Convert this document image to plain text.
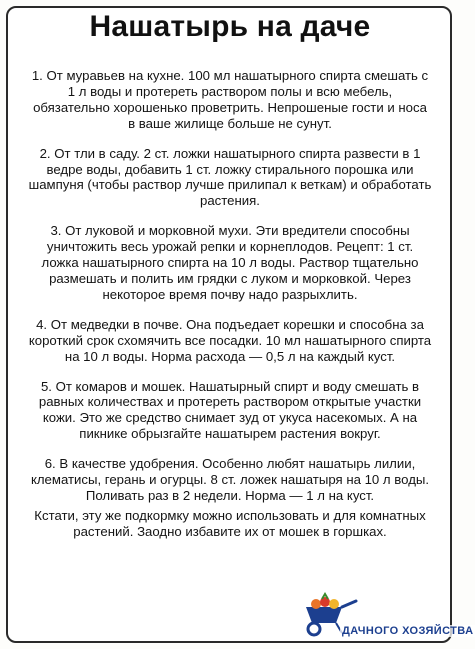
Нашатырь на даче

1. От муравьев на кухне. 100 мл нашатырного спирта смешать с 1 л воды и протереть раствором полы и всю мебель, обязательно хорошенько проветрить. Непрошеные гости и носа в ваше жилище больше не сунут.

2. От тли в саду. 2 ст. ложки нашатырного спирта развести в 1 ведре воды, добавить 1 ст. ложку стирального порошка или шампуня (чтобы раствор лучше прилипал к веткам) и обработать растения.

3. От луковой и морковной мухи. Эти вредители способны уничтожить весь урожай репки и корнеплодов. Рецепт: 1 ст. ложка нашатырного спирта на 10 л воды. Раствор тщательно размешать и полить им грядки с луком и морковкой. Через некоторое время почву надо разрыхлить.

4. От медведки в почве. Она подъедает корешки и способна за короткий срок схомячить все посадки. 10 мл нашатырного спирта на 10 л воды. Норма расхода — 0,5 л на каждый куст.

5. От комаров и мошек. Нашатырный спирт и воду смешать в равных количествах и протереть раствором открытые участки кожи. Это же средство снимает зуд от укуса насекомых. А на пикнике обрызгайте нашатырем растения вокруг.

6. В качестве удобрения. Особенно любят нашатырь лилии, клематисы, герань и огурцы. 8 ст. ложек нашатыря на 10 л воды. Поливать раз в 2 недели. Норма — 1 л на куст.

Кстати, эту же подкормку можно использовать и для комнатных растений. Заодно избавите их от мошек в горшках.

ДАЧНОГО ХОЗЯЙСТВА
